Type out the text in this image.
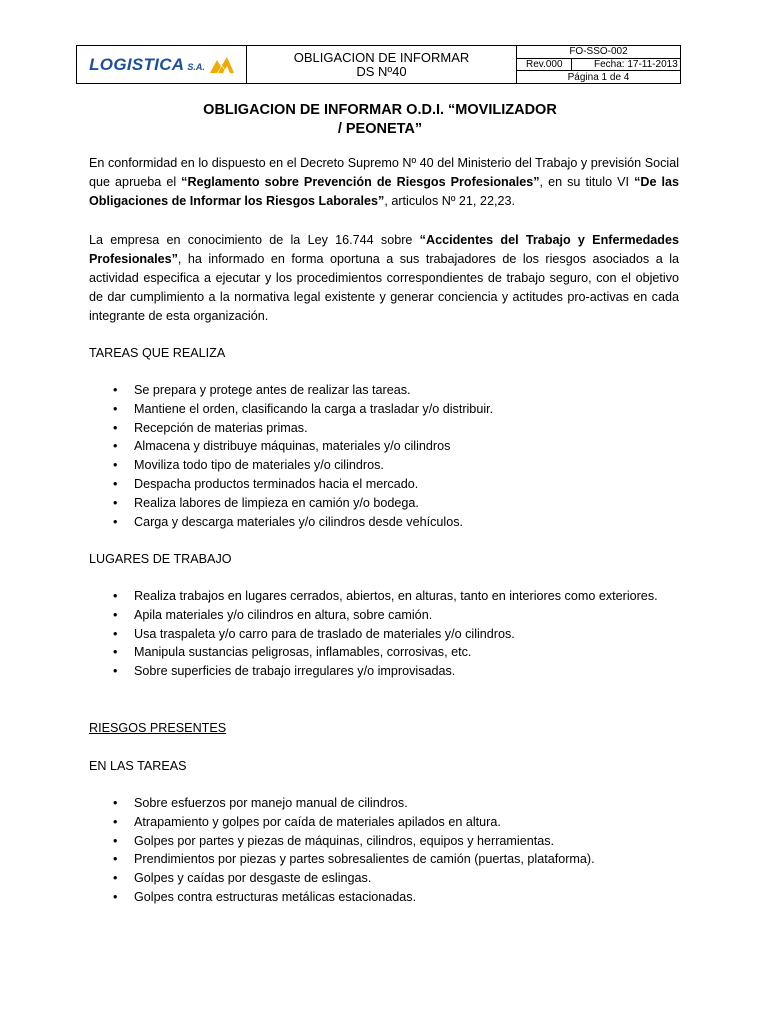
LOGISTICA S.A.
OBLIGACION DE INFORMAR
DS Nº40
FO-SSO-002
Rev.000	Fecha: 17-11-2013
Página 1 de 4
OBLIGACION DE INFORMAR O.D.I. “MOVILIZADOR
/ PEONETA”
En conformidad en lo dispuesto en el Decreto Supremo Nº 40 del Ministerio del Trabajo y previsión Social que aprueba el “Reglamento sobre Prevención de Riesgos Profesionales”, en su titulo VI “De las Obligaciones de Informar los Riesgos Laborales”, articulos Nº 21, 22,23.
La empresa en conocimiento de la Ley 16.744 sobre “Accidentes del Trabajo y Enfermedades Profesionales”, ha informado en forma oportuna a sus trabajadores de los riesgos asociados a la actividad especifica a ejecutar y los procedimientos correspondientes de trabajo seguro, con el objetivo de dar cumplimiento a la normativa legal existente y generar conciencia y actitudes pro-activas en cada integrante de esta organización.
TAREAS QUE REALIZA
• Se prepara y protege antes de realizar las tareas.
• Mantiene el orden, clasificando la carga a trasladar y/o distribuir.
• Recepción de materias primas.
• Almacena y distribuye máquinas, materiales y/o cilindros
• Moviliza todo tipo de materiales y/o cilindros.
• Despacha productos terminados hacia el mercado.
• Realiza labores de limpieza en camión y/o bodega.
• Carga y descarga materiales y/o cilindros desde vehículos.
LUGARES DE TRABAJO
• Realiza trabajos en lugares cerrados, abiertos, en alturas, tanto en interiores como exteriores.
• Apila materiales y/o cilindros en altura, sobre camión.
• Usa traspaleta y/o carro para de traslado de materiales y/o cilindros.
• Manipula sustancias peligrosas, inflamables, corrosivas, etc.
• Sobre superficies de trabajo irregulares y/o improvisadas.
RIESGOS PRESENTES
EN LAS TAREAS
• Sobre esfuerzos por manejo manual de cilindros.
• Atrapamiento y golpes por caída de materiales apilados en altura.
• Golpes por partes y piezas de máquinas, cilindros, equipos y herramientas.
• Prendimientos por piezas y partes sobresalientes de camión (puertas, plataforma).
• Golpes y caídas por desgaste de eslingas.
• Golpes contra estructuras metálicas estacionadas.
